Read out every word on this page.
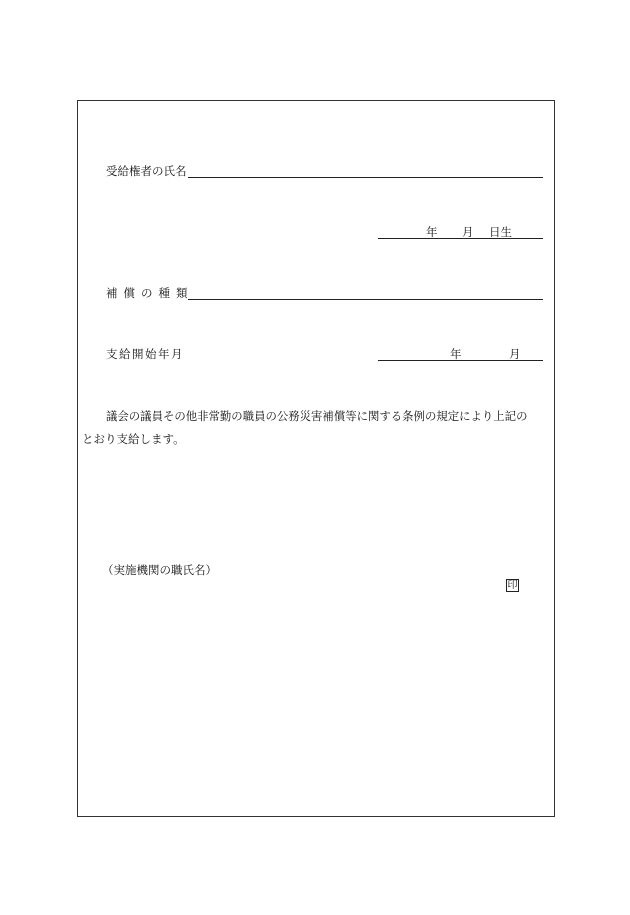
受給権者の氏名
年 月 日生
補償の種類
支給開始年月	年	月
議会の議員その他非常勤の職員の公務災害補償等に関する条例の規定により上記の
とおり支給します。
（実施機関の職氏名）
印
